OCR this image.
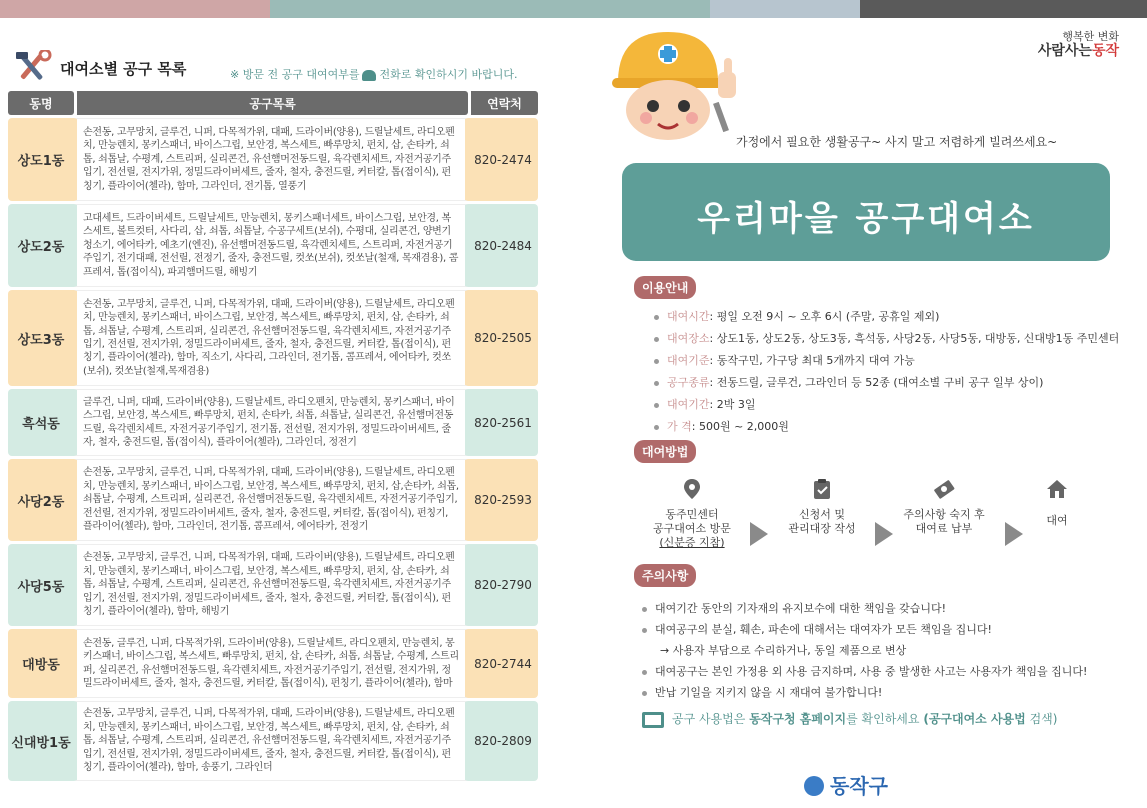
대여소별 공구 목록	※ 방문 전 공구 대여여부를 전화로 확인하시기 바랍니다.
동명	공구목록	연락처
상도1동	손전동, 고무망치, 글루건, 니퍼, 다목적가위, 대패, 드라이버(양용), 드릴날세트, 라디오펜치, 만능렌치, 몽키스패너, 바이스그립, 보안경, 복스세트, 빠루망치, 펀치, 삽, 손타카, 쇠톱, 쇠톱날, 수평계, 스트리퍼, 실리콘건, 유선햄머전동드릴, 육각렌치세트, 자전거공기주입기, 전선릴, 전지가위, 정밀드라이버세트, 줄자, 철자, 충전드릴, 커터칼, 톱(접이식), 펀칭기, 플라이어(첼라), 함마, 그라인더, 전기톱, 열풍기	820-2474
상도2동	고대세트, 드라이버세트, 드릴날세트, 만능렌치, 몽키스패너세트, 바이스그립, 보안경, 복스세트, 볼트컷터, 사다리, 삽, 쇠톱, 쇠톱날, 수공구세트(보쉬), 수평대, 실리콘건, 양변기청소기, 에어타카, 예초기(엔진), 유선햄머전동드릴, 육각렌치세트, 스트리퍼, 자전거공기주입기, 전기대패, 전선릴, 전정기, 줄자, 충전드릴, 컷쏘(보쉬), 컷쏘날(철재, 목재겸용), 콤프레셔, 톱(접이식), 파괴햄머드릴, 해빙기	820-2484
상도3동	손전동, 고무망치, 글루건, 니퍼, 다목적가위, 대패, 드라이버(양용), 드릴날세트, 라디오펜치, 만능렌치, 몽키스패너, 바이스그립, 보안경, 복스세트, 빠루망치, 펀치, 삽, 손타카, 쇠톱, 쇠톱날, 수평계, 스트리퍼, 실리콘건, 유선햄머전동드릴, 육각렌치세트, 자전거공기주입기, 전선릴, 전지가위, 정밀드라이버세트, 줄자, 철자, 충전드릴, 커터칼, 톱(접이식), 펀칭기, 플라이어(첼라), 함마, 직소기, 사다리, 그라인더, 전기톱, 콤프레셔, 에어타카, 컷쏘(보쉬), 컷쏘날(철재,목재겸용)	820-2505
흑석동	글루건, 니퍼, 대패, 드라이버(양용), 드릴날세트, 라디오펜치, 만능렌치, 몽키스패너, 바이스그립, 보안경, 복스세트, 빠루망치, 펀치, 손타카, 쇠톱, 쇠톱날, 실리콘건, 유선햄머전동드릴, 육각렌치세트, 자전거공기주입기, 전기톱, 전선릴, 전지가위, 정밀드라이버세트, 줄자, 철자, 충전드릴, 톱(접이식), 플라이어(첼라), 그라인더, 정전기	820-2561
사당2동	손전동, 고무망치, 글루건, 니퍼, 다목적가위, 대패, 드라이버(양용), 드릴날세트, 라디오펜치, 만능렌치, 몽키스패너, 바이스그립, 보안경, 복스세트, 빠루망치, 펀치, 삽,손타카, 쇠톱, 쇠톱날, 수평계, 스트리퍼, 실리콘건, 유선햄머전동드릴, 육각렌치세트, 자전거공기주입기, 전선릴, 전지가위, 정밀드라이버세트, 줄자, 철자, 충전드릴, 커터칼, 톱(접이식), 펀칭기, 플라이어(첼라), 함마, 그라인더, 전기톱, 콤프레셔, 에어타카, 전정기	820-2593
사당5동	손전동, 고무망치, 글루건, 니퍼, 다목적가위, 대패, 드라이버(양용), 드릴날세트, 라디오펜치, 만능렌치, 몽키스패너, 바이스그립, 보안경, 복스세트, 빠루망치, 펀치, 삽, 손타카, 쇠톱, 쇠톱날, 수평계, 스트리퍼, 실리콘건, 유선햄머전동드릴, 육각렌치세트, 자전거공기주입기, 전선릴, 전지가위, 정밀드라이버세트, 줄자, 철자, 충전드릴, 커터칼, 톱(접이식), 펀칭기, 플라이어(첼라), 함마, 해빙기	820-2790
대방동	손전동, 글루건, 니퍼, 다목적가위, 드라이버(양용), 드릴날세트, 라디오펜치, 만능렌치, 몽키스패너, 바이스그립, 복스세트, 빠루망치, 펀치, 삽, 손타카, 쇠톱, 쇠톱날, 수평계, 스트리퍼, 실리콘건, 유선햄머전동드릴, 육각렌치세트, 자전거공기주입기, 전선릴, 전지가위, 정밀드라이버세트, 줄자, 철자, 충전드릴, 커터칼, 톱(접이식), 펀칭기, 플라이어(첼라), 함마	820-2744
신대방1동	손전동, 고무망치, 글루건, 니퍼, 다목적가위, 대패, 드라이버(양용), 드릴날세트, 라디오펜치, 만능렌치, 몽키스패너, 바이스그립, 보안경, 복스세트, 빠루망치, 펀치, 삽, 손타카, 쇠톱, 쇠톱날, 수평계, 스트리퍼, 실리콘건, 유선햄머전동드릴, 육각렌치세트, 자전거공기주입기, 전선릴, 전지가위, 정밀드라이버세트, 줄자, 철자, 충전드릴, 커터칼, 톱(접이식), 펀칭기, 플라이어(첼라), 함마, 송풍기, 그라인더	820-2809
행복한 변화
사람사는동작
가정에서 필요한 생활공구~ 사지 말고 저렴하게 빌려쓰세요~
우리마을 공구대여소
이용안내
대여시간: 평일 오전 9시 ~ 오후 6시 (주말, 공휴일 제외)
대여장소: 상도1동, 상도2동, 상도3동, 흑석동, 사당2동, 사당5동, 대방동, 신대방1동 주민센터
대여기준: 동작구민, 가구당 최대 5개까지 대여 가능
공구종류: 전동드릴, 글루건, 그라인더 등 52종 (대여소별 구비 공구 일부 상이)
대여기간: 2박 3일
가 격: 500원 ~ 2,000원
대여방법
동주민센터
공구대여소 방문
(신분증 지참)
신청서 및
관리대장 작성
주의사항 숙지 후
대여료 납부
대여
주의사항
대여기간 동안의 기자재의 유지보수에 대한 책임을 갖습니다!
대여공구의 분실, 훼손, 파손에 대해서는 대여자가 모든 책임을 집니다!
→ 사용자 부담으로 수리하거나, 동일 제품으로 변상
대여공구는 본인 가정용 외 사용 금지하며, 사용 중 발생한 사고는 사용자가 책임을 집니다!
반납 기일을 지키지 않을 시 재대여 불가합니다!
공구 사용법은 동작구청 홈페이지를 확인하세요 (공구대여소 사용법 검색)
동작구
